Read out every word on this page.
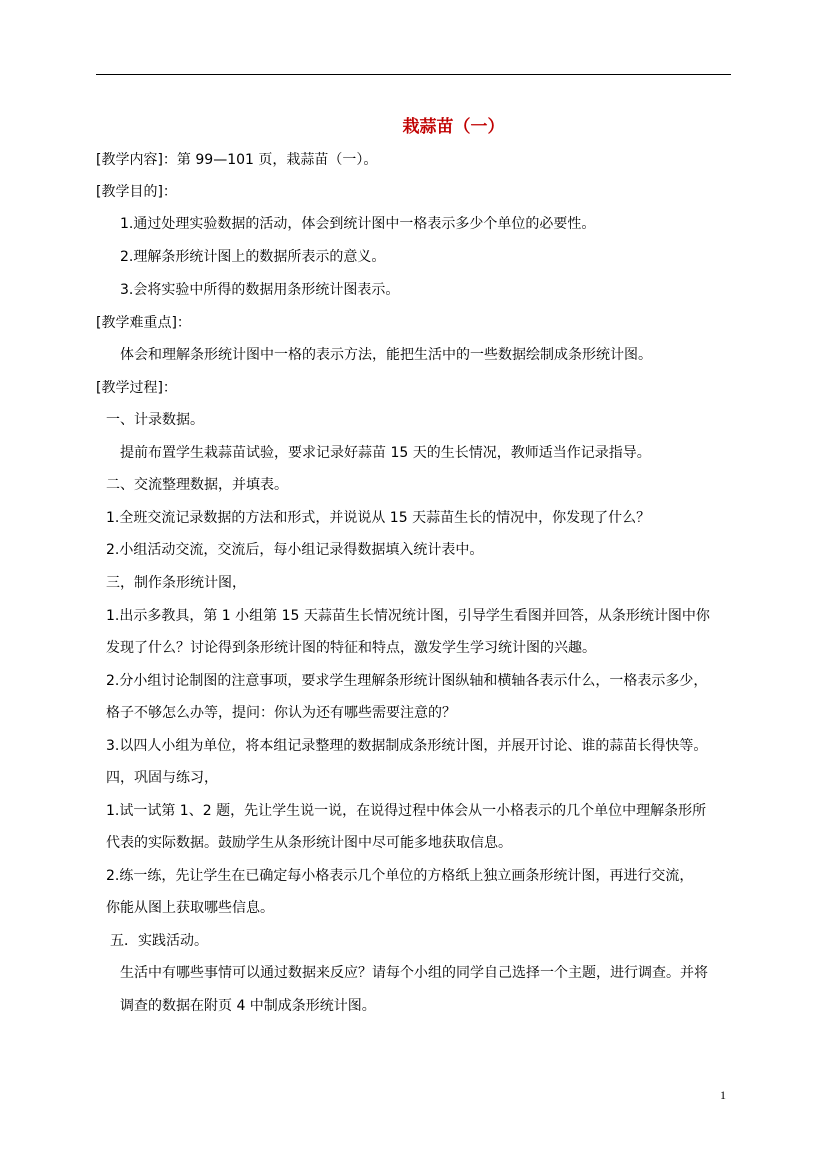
栽蒜苗（一）
[教学内容]：第 99—101 页，栽蒜苗（一）。
[教学目的]：
1.通过处理实验数据的活动，体会到统计图中一格表示多少个单位的必要性。
2.理解条形统计图上的数据所表示的意义。
3.会将实验中所得的数据用条形统计图表示。
[教学难重点]：
体会和理解条形统计图中一格的表示方法，能把生活中的一些数据绘制成条形统计图。
[教学过程]：
一、计录数据。
提前布置学生栽蒜苗试验，要求记录好蒜苗 15 天的生长情况，教师适当作记录指导。
二、交流整理数据，并填表。
1.全班交流记录数据的方法和形式，并说说从 15 天蒜苗生长的情况中，你发现了什么？
2.小组活动交流，交流后，每小组记录得数据填入统计表中。
三，制作条形统计图，
1.出示多教具，第 1 小组第 15 天蒜苗生长情况统计图，引导学生看图并回答，从条形统计图中你
发现了什么？讨论得到条形统计图的特征和特点，激发学生学习统计图的兴趣。
2.分小组讨论制图的注意事项，要求学生理解条形统计图纵轴和横轴各表示什么，一格表示多少，
格子不够怎么办等，提问：你认为还有哪些需要注意的？
3.以四人小组为单位，将本组记录整理的数据制成条形统计图，并展开讨论、谁的蒜苗长得快等。
四，巩固与练习，
1.试一试第 1、2 题，先让学生说一说，在说得过程中体会从一小格表示的几个单位中理解条形所
代表的实际数据。鼓励学生从条形统计图中尽可能多地获取信息。
2.练一练，先让学生在已确定每小格表示几个单位的方格纸上独立画条形统计图，再进行交流，
你能从图上获取哪些信息。
五．实践活动。
生活中有哪些事情可以通过数据来反应？请每个小组的同学自己选择一个主题，进行调查。并将
调查的数据在附页 4 中制成条形统计图。
1
